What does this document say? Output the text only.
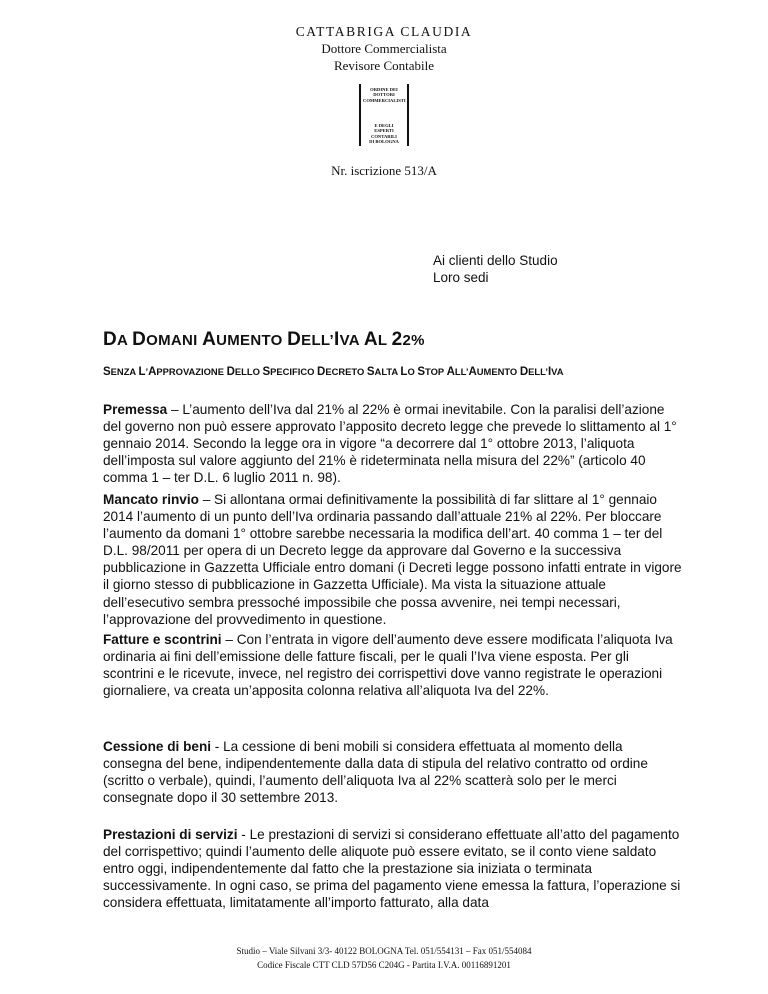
CATTABRIGA CLAUDIA
Dottore Commercialista
Revisore Contabile
ORDINE DEI
DOTTORI
COMMERCIALISTI
E DEGLI
ESPERTI CONTABILI
DI BOLOGNA
Nr. iscrizione 513/A
Ai clienti dello Studio
Loro sedi
DA DOMANI AUMENTO DELL’IVA AL 22%
SENZA L’APPROVAZIONE DELLO SPECIFICO DECRETO SALTA LO STOP ALL’AUMENTO DELL’IVA
Premessa – L’aumento dell’Iva dal 21% al 22% è ormai inevitabile. Con la paralisi dell’azione del governo non può essere approvato l’apposito decreto legge che prevede lo slittamento al 1° gennaio 2014. Secondo la legge ora in vigore “a decorrere dal 1° ottobre 2013, l’aliquota dell’imposta sul valore aggiunto del 21% è rideterminata nella misura del 22%” (articolo 40 comma 1 – ter D.L. 6 luglio 2011 n. 98).
Mancato rinvio – Si allontana ormai definitivamente la possibilità di far slittare al 1° gennaio 2014 l’aumento di un punto dell’Iva ordinaria passando dall’attuale 21% al 22%. Per bloccare l’aumento da domani 1° ottobre sarebbe necessaria la modifica dell’art. 40 comma 1 – ter del D.L. 98/2011 per opera di un Decreto legge da approvare dal Governo e la successiva pubblicazione in Gazzetta Ufficiale entro domani (i Decreti legge possono infatti entrate in vigore il giorno stesso di pubblicazione in Gazzetta Ufficiale). Ma vista la situazione attuale dell’esecutivo sembra pressoché impossibile che possa avvenire, nei tempi necessari, l’approvazione del provvedimento in questione.
Fatture e scontrini – Con l’entrata in vigore dell’aumento deve essere modificata l’aliquota Iva ordinaria ai fini dell’emissione delle fatture fiscali, per le quali l’Iva viene esposta. Per gli scontrini e le ricevute, invece, nel registro dei corrispettivi dove vanno registrate le operazioni giornaliere, va creata un’apposita colonna relativa all’aliquota Iva del 22%.
Cessione di beni - La cessione di beni mobili si considera effettuata al momento della consegna del bene, indipendentemente dalla data di stipula del relativo contratto od ordine (scritto o verbale), quindi, l’aumento dell’aliquota Iva al 22% scatterà solo per le merci consegnate dopo il 30 settembre 2013.
Prestazioni di servizi - Le prestazioni di servizi si considerano effettuate all’atto del pagamento del corrispettivo; quindi l’aumento delle aliquote può essere evitato, se il conto viene saldato entro oggi, indipendentemente dal fatto che la prestazione sia iniziata o terminata successivamente. In ogni caso, se prima del pagamento viene emessa la fattura, l’operazione si considera effettuata, limitatamente all’importo fatturato, alla data
Studio – Viale Silvani 3/3- 40122 BOLOGNA Tel. 051/554131 – Fax 051/554084
Codice Fiscale CTT CLD 57D56 C204G - Partita I.V.A. 00116891201
